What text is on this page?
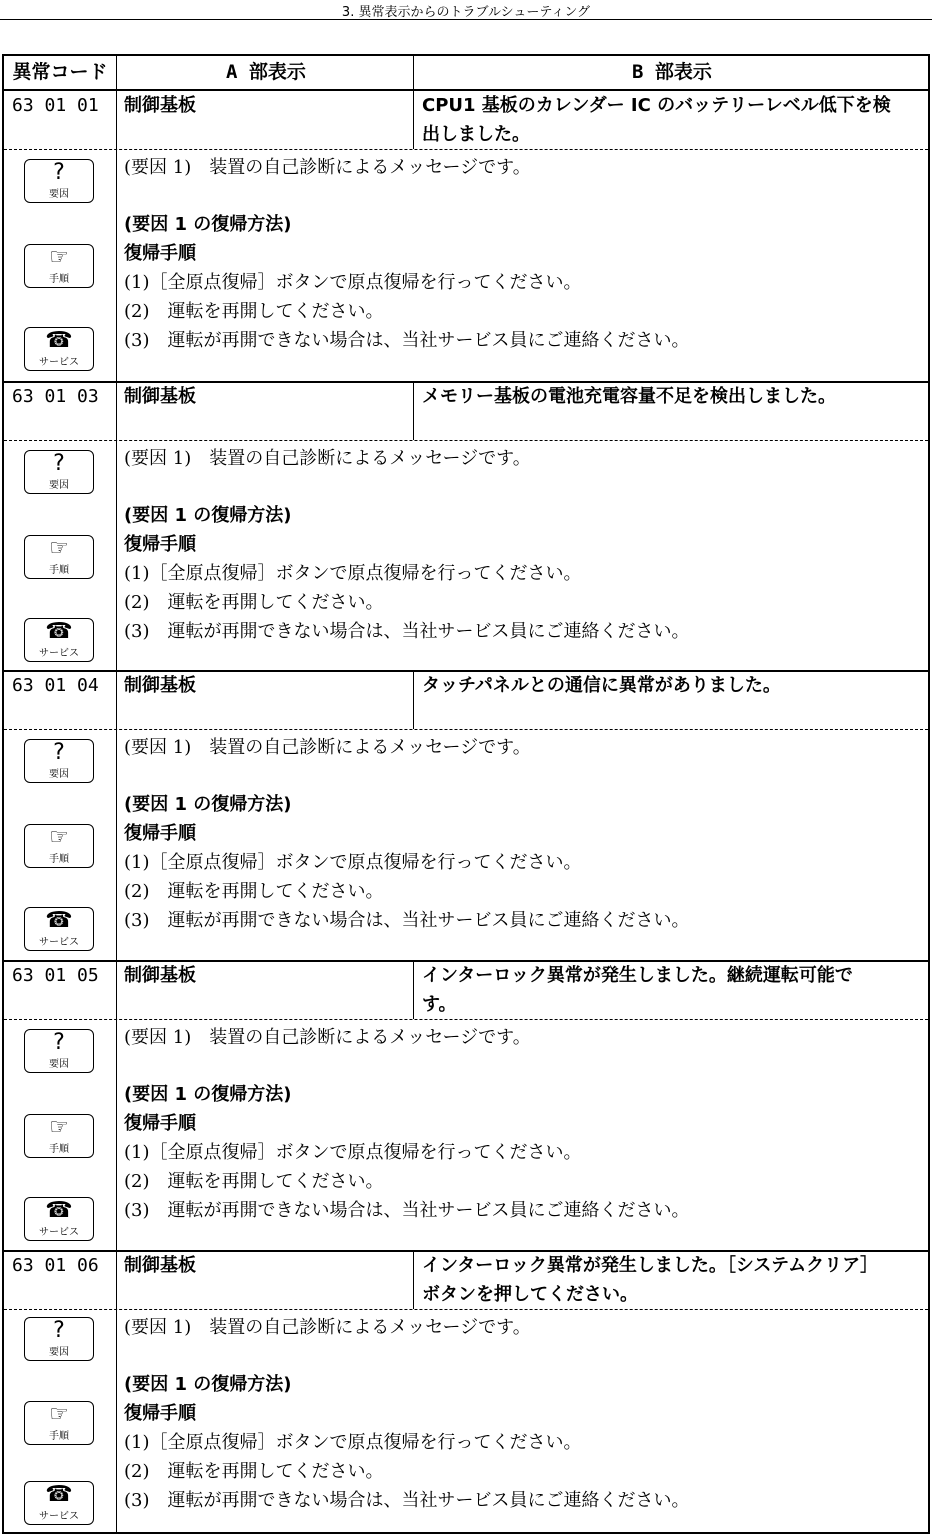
3. 異常表示からのトラブルシューティング
異常コード	A 部表示	B 部表示
63 01 01	制御基板	CPU1 基板のカレンダー IC のバッテリーレベル低下を検
出しました。
?
要因
☞
手順
☎
サービス
(要因 1)　装置の自己診断によるメッセージです。
(要因 1 の復帰方法)
復帰手順
(1)［全原点復帰］ボタンで原点復帰を行ってください。
(2)　運転を再開してください。
(3)　運転が再開できない場合は、当社サービス員にご連絡ください。
63 01 03	制御基板	メモリー基板の電池充電容量不足を検出しました。
?
要因
☞
手順
☎
サービス
(要因 1)　装置の自己診断によるメッセージです。
(要因 1 の復帰方法)
復帰手順
(1)［全原点復帰］ボタンで原点復帰を行ってください。
(2)　運転を再開してください。
(3)　運転が再開できない場合は、当社サービス員にご連絡ください。
63 01 04	制御基板	タッチパネルとの通信に異常がありました。
?
要因
☞
手順
☎
サービス
(要因 1)　装置の自己診断によるメッセージです。
(要因 1 の復帰方法)
復帰手順
(1)［全原点復帰］ボタンで原点復帰を行ってください。
(2)　運転を再開してください。
(3)　運転が再開できない場合は、当社サービス員にご連絡ください。
63 01 05	制御基板	インターロック異常が発生しました。継続運転可能で
す。
?
要因
☞
手順
☎
サービス
(要因 1)　装置の自己診断によるメッセージです。
(要因 1 の復帰方法)
復帰手順
(1)［全原点復帰］ボタンで原点復帰を行ってください。
(2)　運転を再開してください。
(3)　運転が再開できない場合は、当社サービス員にご連絡ください。
63 01 06	制御基板	インターロック異常が発生しました。［システムクリア］
ボタンを押してください。
?
要因
☞
手順
☎
サービス
(要因 1)　装置の自己診断によるメッセージです。
(要因 1 の復帰方法)
復帰手順
(1)［全原点復帰］ボタンで原点復帰を行ってください。
(2)　運転を再開してください。
(3)　運転が再開できない場合は、当社サービス員にご連絡ください。
